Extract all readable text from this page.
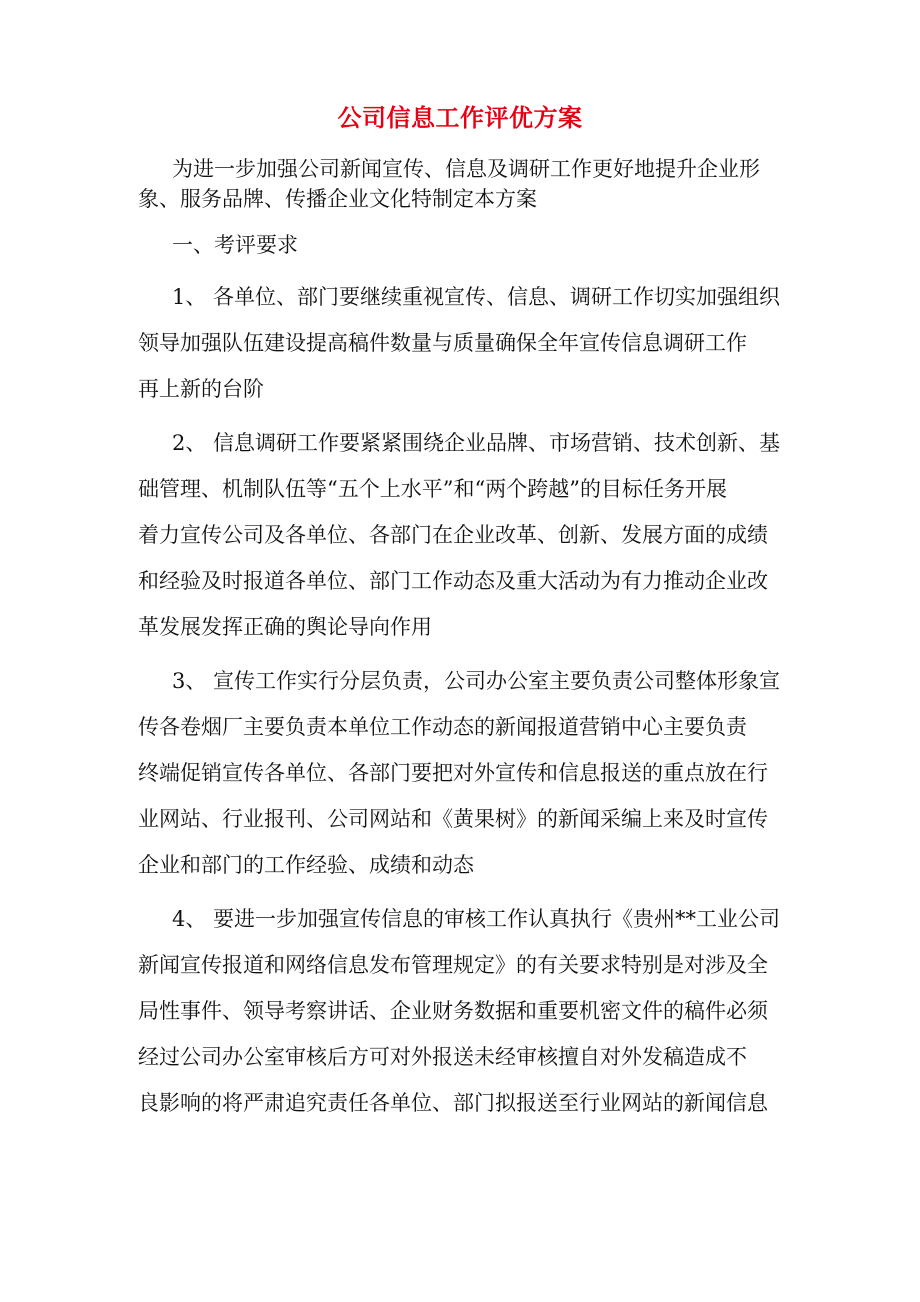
公司信息工作评优方案
为进一步加强公司新闻宣传、信息及调研工作更好地提升企业形
象、服务品牌、传播企业文化特制定本方案
一、考评要求
1、 各单位、部门要继续重视宣传、信息、调研工作切实加强组织
领导加强队伍建设提高稿件数量与质量确保全年宣传信息调研工作
再上新的台阶
2、 信息调研工作要紧紧围绕企业品牌、市场营销、技术创新、基
础管理、机制队伍等“五个上水平”和“两个跨越”的目标任务开展
着力宣传公司及各单位、各部门在企业改革、创新、发展方面的成绩
和经验及时报道各单位、部门工作动态及重大活动为有力推动企业改
革发展发挥正确的舆论导向作用
3、 宣传工作实行分层负责，公司办公室主要负责公司整体形象宣
传各卷烟厂主要负责本单位工作动态的新闻报道营销中心主要负责
终端促销宣传各单位、各部门要把对外宣传和信息报送的重点放在行
业网站、行业报刊、公司网站和《黄果树》的新闻采编上来及时宣传
企业和部门的工作经验、成绩和动态
4、 要进一步加强宣传信息的审核工作认真执行《贵州**工业公司
新闻宣传报道和网络信息发布管理规定》的有关要求特别是对涉及全
局性事件、领导考察讲话、企业财务数据和重要机密文件的稿件必须
经过公司办公室审核后方可对外报送未经审核擅自对外发稿造成不
良影响的将严肃追究责任各单位、部门拟报送至行业网站的新闻信息
